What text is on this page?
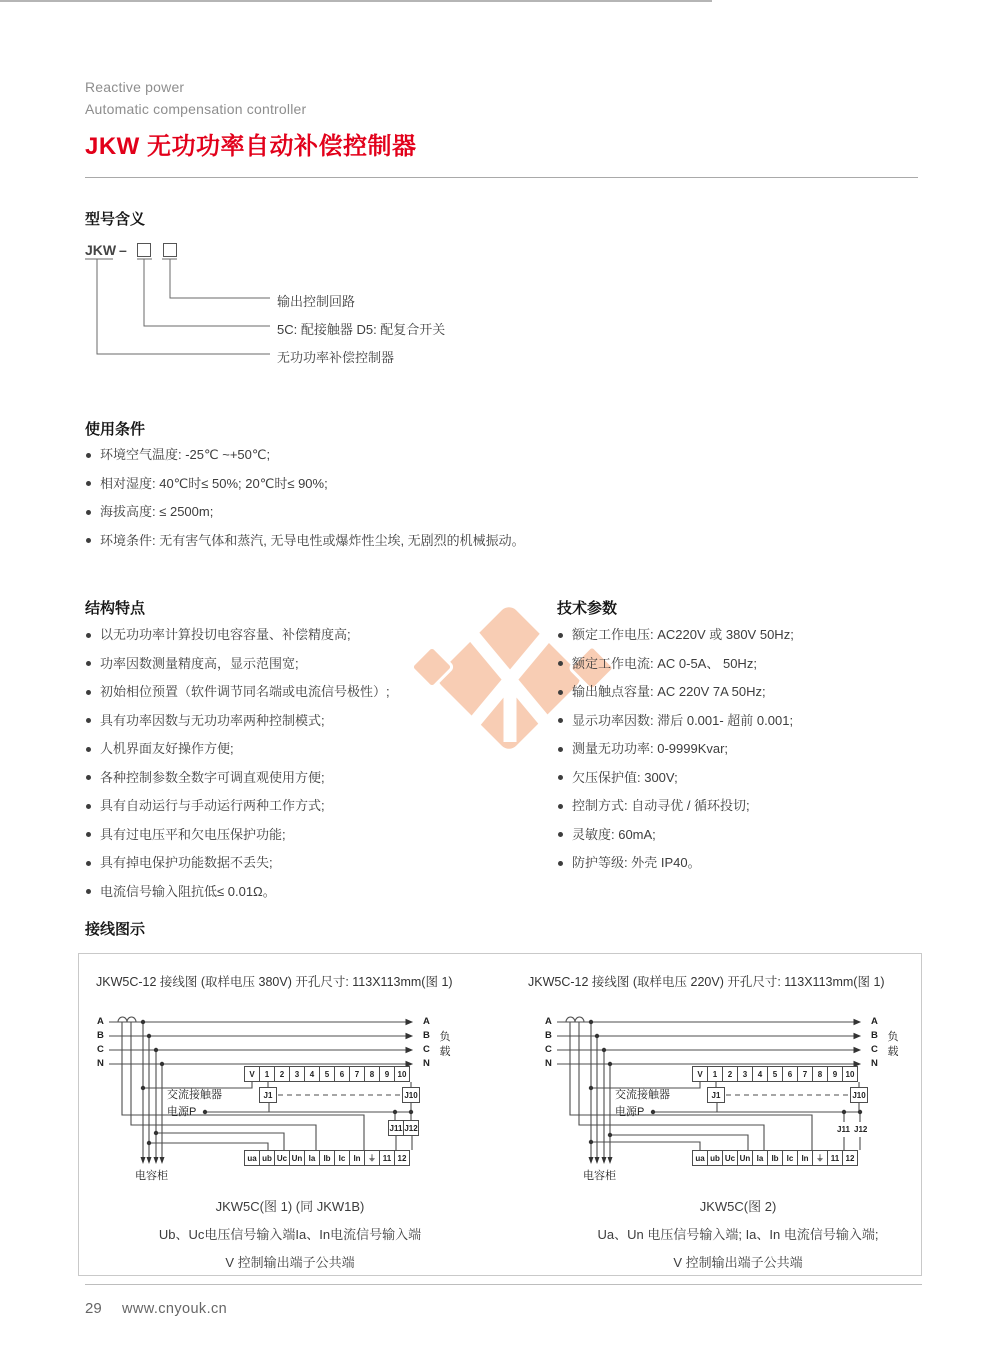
Reactive power
Automatic compensation controller
JKW 无功功率自动补偿控制器
型号含义
JKW –
输出控制回路
5C: 配接触器 D5: 配复合开关
无功功率补偿控制器
使用条件
环境空气温度: -25℃ ~+50℃;
相对湿度: 40℃时≤ 50%; 20℃时≤ 90%;
海拔高度: ≤ 2500m;
环境条件: 无有害气体和蒸汽, 无导电性或爆炸性尘埃, 无剧烈的机械振动。
结构特点
以无功功率计算投切电容容量、补偿精度高;
功率因数测量精度高，显示范围宽;
初始相位预置（软件调节同名端或电流信号极性）;
具有功率因数与无功功率两种控制模式;
人机界面友好操作方便;
各种控制参数全数字可调直观使用方便;
具有自动运行与手动运行两种工作方式;
具有过电压平和欠电压保护功能;
具有掉电保护功能数据不丢失;
电流信号输入阻抗低≤ 0.01Ω。
技术参数
额定工作电压: AC220V 或 380V 50Hz;
额定工作电流: AC 0-5A、 50Hz;
输出触点容量: AC 220V 7A 50Hz;
显示功率因数: 滞后 0.001- 超前 0.001;
测量无功功率: 0-9999Kvar;
欠压保护值: 300V;
控制方式: 自动寻优 / 循环投切;
灵敏度: 60mA;
防护等级: 外壳 IP40。
接线图示
JKW5C-12 接线图 (取样电压 380V) 开孔尺寸: 113X113mm(图 1)	JKW5C-12 接线图 (取样电压 220V) 开孔尺寸: 113X113mm(图 1)
A
B
C
N
A
B
C
N
负载
V	1	2	3	4	5	6	7	8	9	10
交流接触器	J1	J10
电源P
J11 J12
ua ub Uc Un Ia	Ib	Ic	In ⏚ 11 12
电容柜
A
B
C
N
A
B
C
N
负载
V	1	2	3	4	5	6	7	8	9	10
交流接触器	J1	J10
电源P
J11 J12
ua ub Uc Un Ia	Ib	Ic	In ⏚ 11 12
电容柜
JKW5C(图 1) (同 JKW1B)
Ub、Uc电压信号输入端Ia、In电流信号输入端
V 控制输出端子公共端
JKW5C(图 2)
Ua、Un 电压信号输入端; Ia、In 电流信号输入端;
V 控制输出端子公共端
29 www.cnyouk.cn
